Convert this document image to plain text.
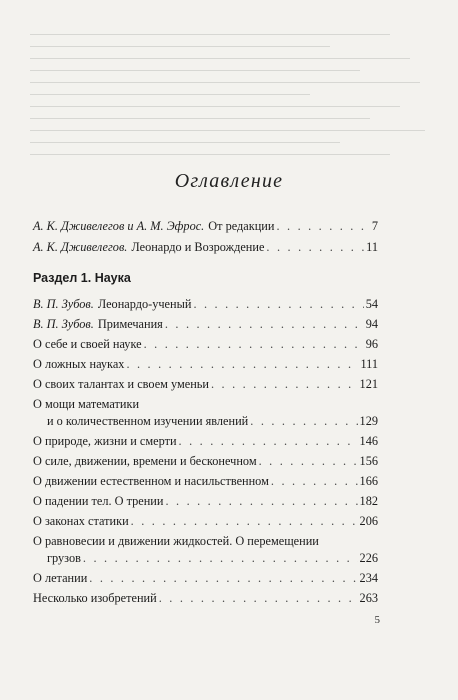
Оглавление
А. К. Дживелегов и А. М. Эфрос. От редакции . . .	7
А. К. Дживелегов. Леонардо и Возрождение . . .	11
Раздел 1. Наука
В. П. Зубов. Леонардо-ученый . . .	54
В. П. Зубов. Примечания . . .	94
О себе и своей науке . . .	96
О ложных науках . . .	111
О своих талантах и своем уменьи . . .	121
О мощи математики
и о количественном изучении явлений . . .	129
О природе, жизни и смерти . . .	146
О силе, движении, времени и бесконечном . . .	156
О движении естественном и насильственном . . .	166
О падении тел. О трении . . .	182
О законах статики . . .	206
О равновесии и движении жидкостей. О перемещении
грузов . . .	226
О летании . . .	234
Несколько изобретений . . .	263
5
